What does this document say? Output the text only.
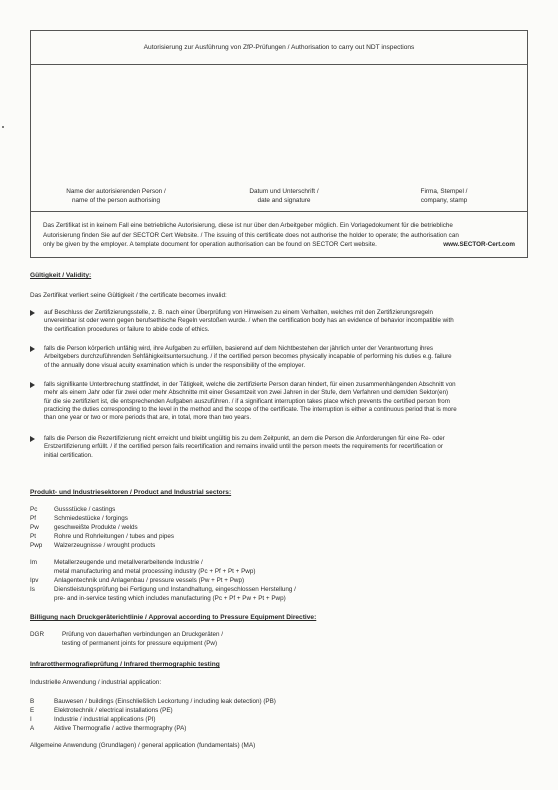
Autorisierung zur Ausführung von ZfP-Prüfungen / Authorisation to carry out NDT inspections
Name der autorisierenden Person /
name of the person authorising
Datum und Unterschrift /
date and signature
Firma, Stempel /
company, stamp
Das Zertifikat ist in keinem Fall eine betriebliche Autorisierung, diese ist nur über den Arbeitgeber möglich. Ein Vorlagedokument für die betriebliche
Autorisierung finden Sie auf der SECTOR Cert Website. / The issuing of this certificate does not authorise the holder to operate; the authorisation can
only be given by the employer. A template document for operation authorisation can be found on SECTOR Cert website.	www.SECTOR-Cert.com
Gültigkeit / Validity:
Das Zertifikat verliert seine Gültigkeit / the certificate becomes invalid:
auf Beschluss der Zertifizierungsstelle, z. B. nach einer Überprüfung von Hinweisen zu einem Verhalten, welches mit den Zertifizierungsregeln
unvereinbar ist oder wenn gegen berufsethische Regeln verstoßen wurde. / when the certification body has an evidence of behavior incompatible with
the certification procedures or failure to abide code of ethics.
falls die Person körperlich unfähig wird, ihre Aufgaben zu erfüllen, basierend auf dem Nichtbestehen der jährlich unter der Verantwortung ihres
Arbeitgebers durchzuführenden Sehfähigkeitsuntersuchung. / if the certified person becomes physically incapable of performing his duties e.g. failure
of the annually done visual acuity examination which is under the responsibility of the employer.
falls signifikante Unterbrechung stattfindet, in der Tätigkeit, welche die zertifizierte Person daran hindert, für einen zusammenhängenden Abschnitt von
mehr als einem Jahr oder für zwei oder mehr Abschnitte mit einer Gesamtzeit von zwei Jahren in der Stufe, dem Verfahren und dem/den Sektor(en)
für die sie zertifiziert ist, die entsprechenden Aufgaben auszuführen. / if a significant interruption takes place which prevents the certified person from
practicing the duties corresponding to the level in the method and the scope of the certificate. The interruption is either a continuous period that is more
than one year or two or more periods that are, in total, more than two years.
falls die Person die Rezertifizierung nicht erreicht und bleibt ungültig bis zu dem Zeitpunkt, an dem die Person die Anforderungen für eine Re- oder
Erstzertifizierung erfüllt. / if the certified person fails recertification and remains invalid until the person meets the requirements for recertification or
initial certification.
Produkt- und Industriesektoren / Product and Industrial sectors:
Pc	Gussstücke / castings
Pf	Schmiedestücke / forgings
Pw	geschweißte Produkte / welds
Pt	Rohre und Rohrleitungen / tubes and pipes
Pwp	Walzerzeugnisse / wrought products
Im	Metallerzeugende und metallverarbeitende Industrie /
metal manufacturing and metal processing industry (Pc + Pf + Pt + Pwp)
Ipv	Anlagentechnik und Anlagenbau / pressure vessels (Pw + Pt + Pwp)
Is	Dienstleistungsprüfung bei Fertigung und Instandhaltung, eingeschlossen Herstellung /
pre- and in-service testing which includes manufacturing (Pc + Pf + Pw + Pt + Pwp)
Billigung nach Druckgeräterichtlinie / Approval according to Pressure Equipment Directive:
DGR	Prüfung von dauerhaften verbindungen an Druckgeräten /
testing of permanent joints for pressure equipment (Pw)
Infrarotthermografieprüfung / Infrared thermographic testing
Industrielle Anwendung / industrial application:
B	Bauwesen / buildings (Einschließlich Leckortung / including leak detection) (PB)
E	Elektrotechnik / electrical installations (PE)
I	Industrie / industrial applications (PI)
A	Aktive Thermografie / active thermography (PA)
Allgemeine Anwendung (Grundlagen) / general application (fundamentals) (MA)
